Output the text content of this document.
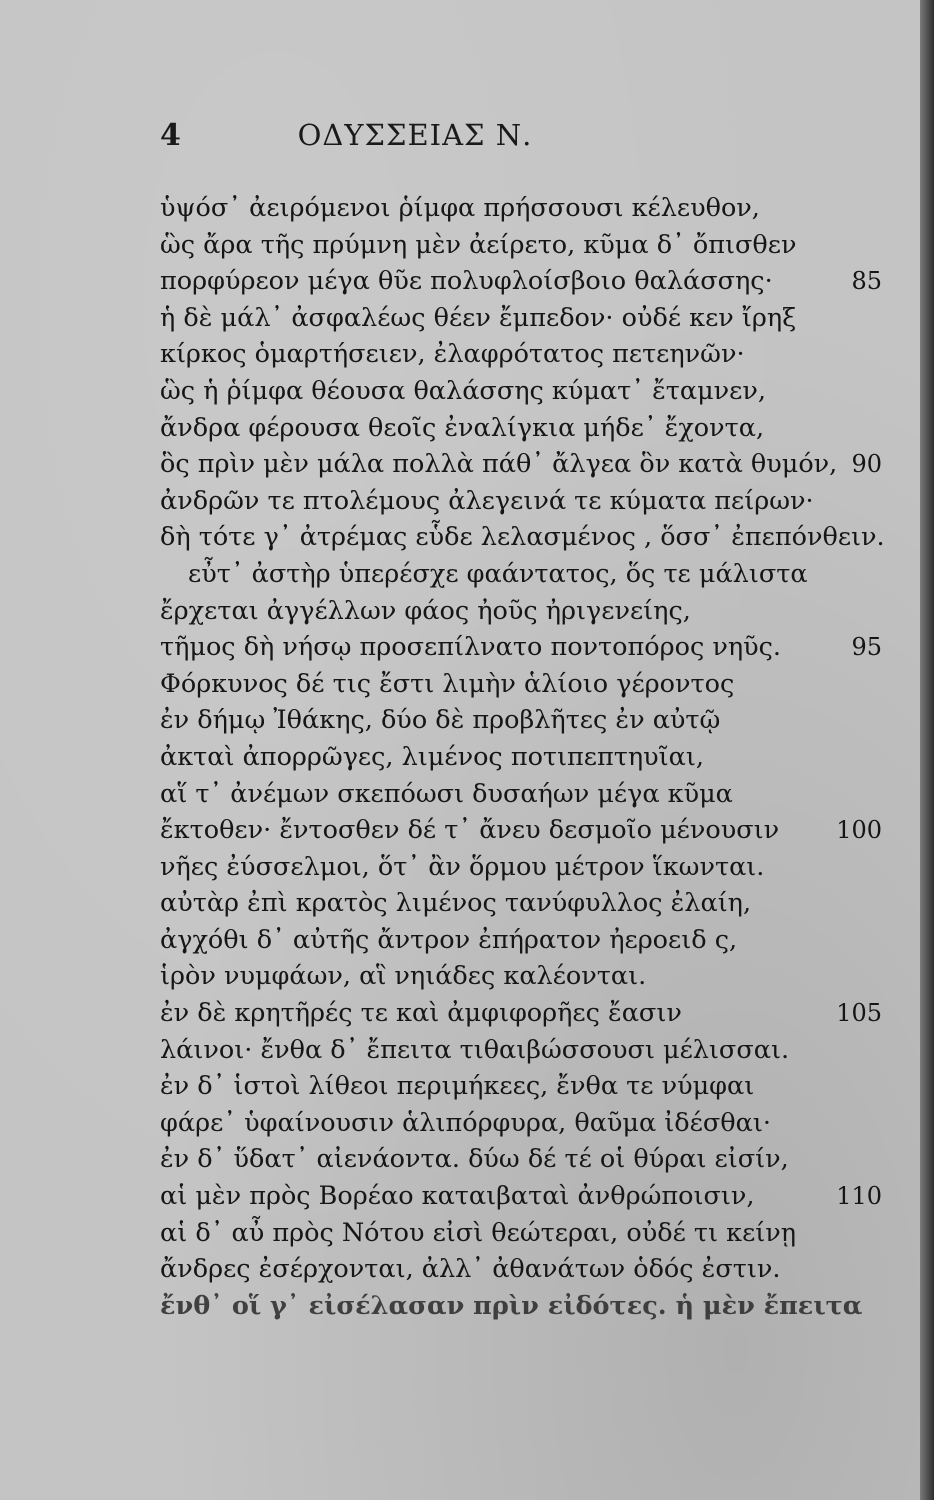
4	ΟΔΥΣΣΕΙΑΣ Ν.
ὑψόσ᾿ ἀειρόμενοι ῥίμφα πρήσσουσι κέλευθον,
ὣς ἄρα τῆς πρύμνη μὲν ἀείρετο, κῦμα δ᾿ ὄπισθεν
πορφύρεον μέγα θῦε πολυφλοίσβοιο θαλάσσης·	85
ἡ δὲ μάλ᾿ ἀσφαλέως θέεν ἔμπεδον· οὐδέ κεν ἴρηξ
κίρκος ὁμαρτήσειεν, ἐλαφρότατος πετεηνῶν·
ὣς ἡ ῥίμφα θέουσα θαλάσσης κύματ᾿ ἔταμνεν,
ἄνδρα φέρουσα θεοῖς ἐναλίγκια μήδε᾿ ἔχοντα,
ὃς πρὶν μὲν μάλα πολλὰ πάθ᾿ ἄλγεα ὃν κατὰ θυμόν, 90
ἀνδρῶν τε πτολέμους ἀλεγεινά τε κύματα πείρων·
δὴ τότε γ᾿ ἀτρέμας εὗδε λελασμένος , ὅσσ᾿ ἐπεπόνθειν.
εὖτ᾿ ἀστὴρ ὑπερέσχε φαάντατος, ὅς τε μάλιστα
ἔρχεται ἀγγέλλων φάος ἠοῦς ἠριγενείης,
τῆμος δὴ νήσῳ προσεπίλνατο ποντοπόρος νηῦς.	95
Φόρκυνος δέ τις ἔστι λιμὴν ἁλίοιο γέροντος
ἐν δήμῳ Ἰθάκης, δύο δὲ προβλῆτες ἐν αὐτῷ
ἀκταὶ ἀπορρῶγες, λιμένος ποτιπεπτηυῖαι,
αἵ τ᾿ ἀνέμων σκεπόωσι δυσαήων μέγα κῦμα
ἔκτοθεν· ἔντοσθεν δέ τ᾿ ἄνευ δεσμοῖο μένουσιν 100
νῆες ἐύσσελμοι, ὅτ᾿ ἂν ὅρμου μέτρον ἵκωνται.
αὐτὰρ ἐπὶ κρατὸς λιμένος τανύφυλλος ἐλαίη,
ἀγχόθι δ᾿ αὐτῆς ἄντρον ἐπήρατον ἠεροειδ ς,
ἱρὸν νυμφάων, αἳ νηιάδες καλέονται.
ἐν δὲ κρητῆρές τε καὶ ἀμφιφορῆες ἔασιν	105
λάινοι· ἔνθα δ᾿ ἔπειτα τιθαιβώσσουσι μέλισσαι.
ἐν δ᾿ ἱστοὶ λίθεοι περιμήκεες, ἔνθα τε νύμφαι
φάρε᾿ ὑφαίνουσιν ἁλιπόρφυρα, θαῦμα ἰδέσθαι·
ἐν δ᾿ ὕδατ᾿ αἰενάοντα. δύω δέ τέ οἱ θύραι εἰσίν,
αἱ μὲν πρὸς Βορέαο καταιβαταὶ ἀνθρώποισιν,	110
αἱ δ᾿ αὖ πρὸς Νότου εἰσὶ θεώτεραι, οὐδέ τι κείνῃ
ἄνδρες ἐσέρχονται, ἀλλ᾿ ἀθανάτων ὁδός ἐστιν.
ἔνθ᾿ οἵ γ᾿ εἰσέλασαν πρὶν εἰδότες. ἡ μὲν ἔπειτα
